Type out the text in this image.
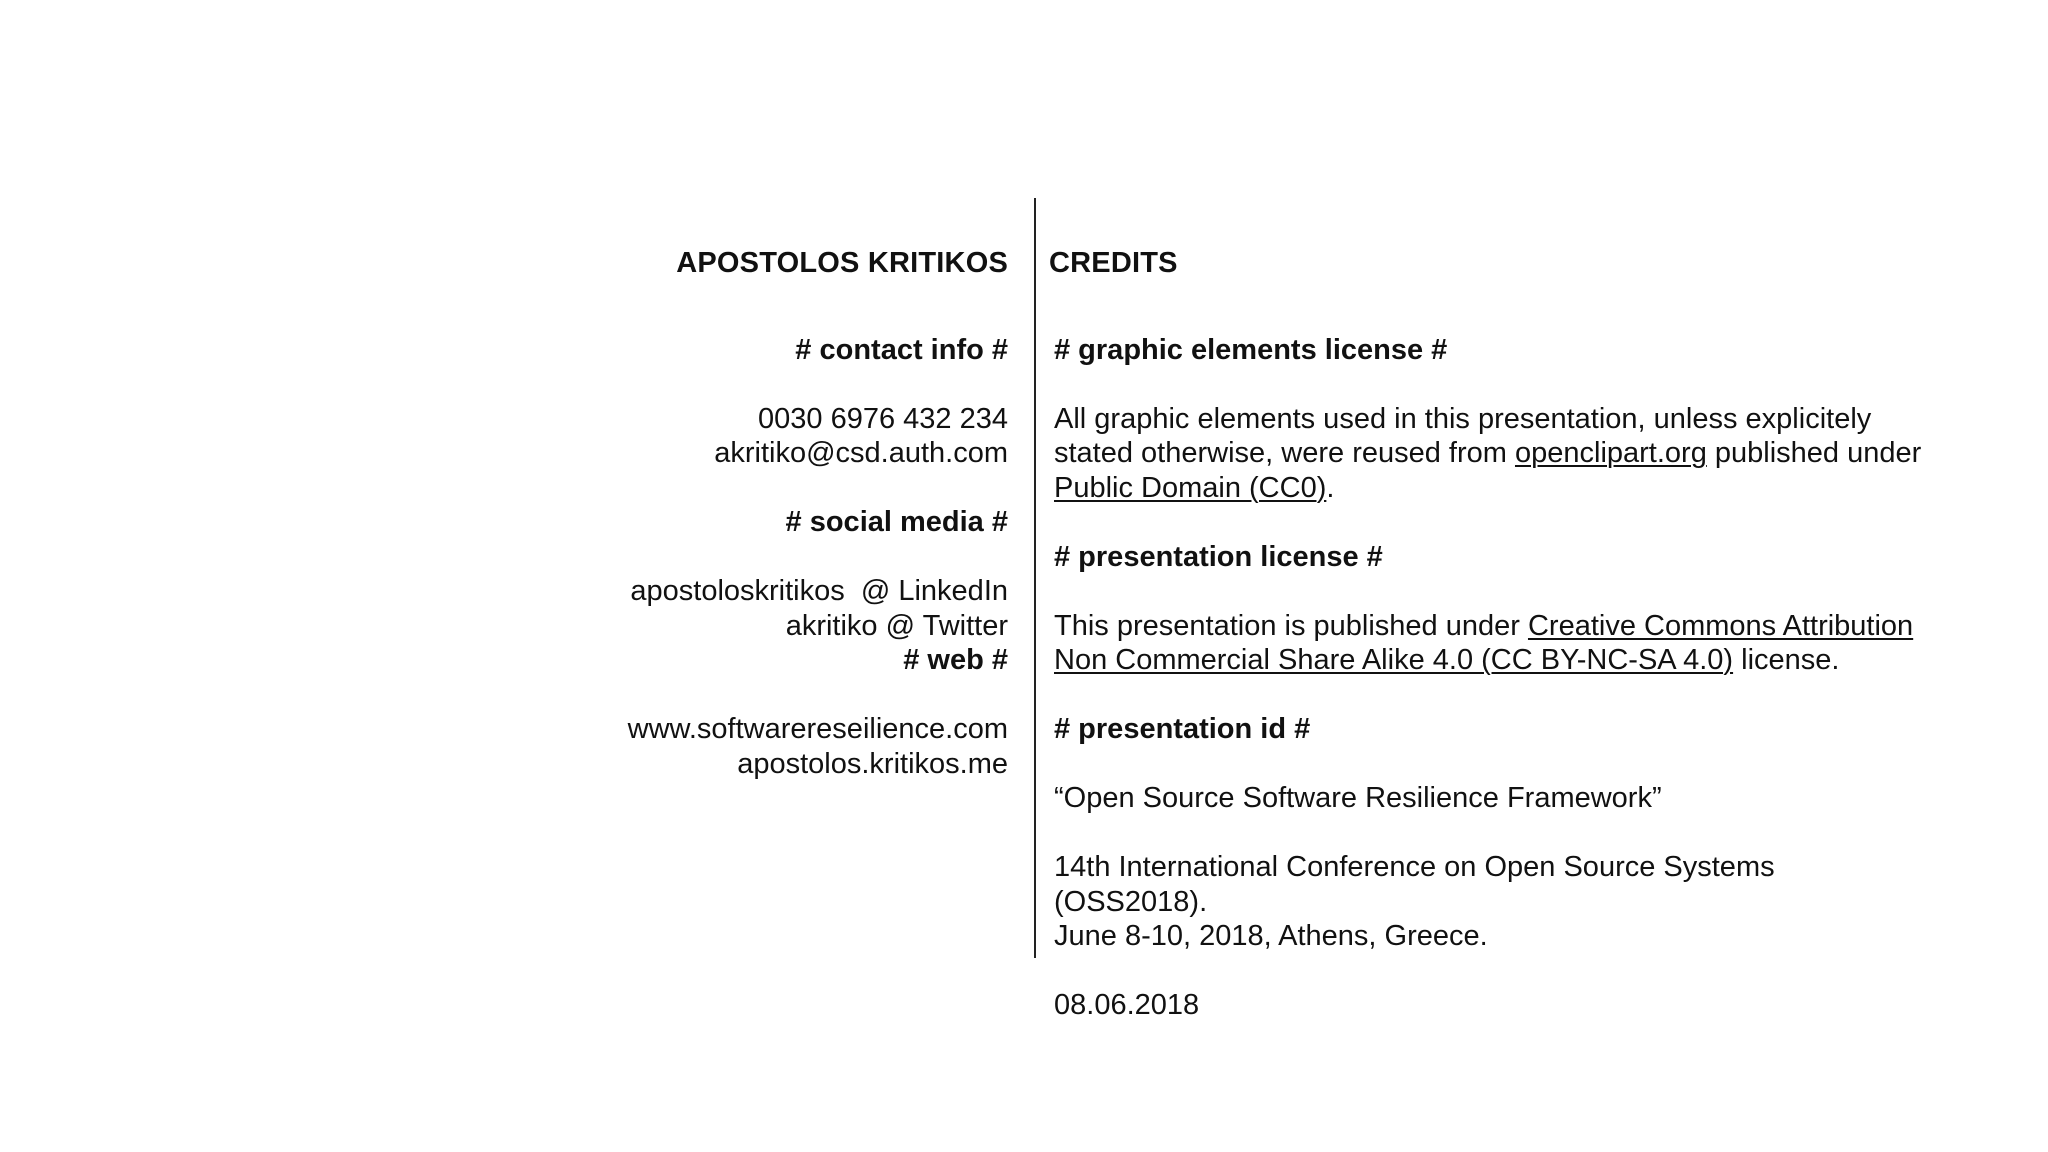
APOSTOLOS KRITIKOS
# contact info #
0030 6976 432 234
akritiko@csd.auth.com
# social media #
apostoloskritikos  @ LinkedIn
akritiko @ Twitter
# web #
www.softwarereseilience.com
apostolos.kritikos.me
CREDITS
# graphic elements license #
All graphic elements used in this presentation, unless explicitely stated otherwise, were reused from openclipart.org published under Public Domain (CC0).
# presentation license #
This presentation is published under Creative Commons Attribution Non Commercial Share Alike 4.0 (CC BY-NC-SA 4.0) license.
# presentation id #
“Open Source Software Resilience Framework”
14th International Conference on Open Source Systems (OSS2018).
June 8-10, 2018, Athens, Greece.
08.06.2018
